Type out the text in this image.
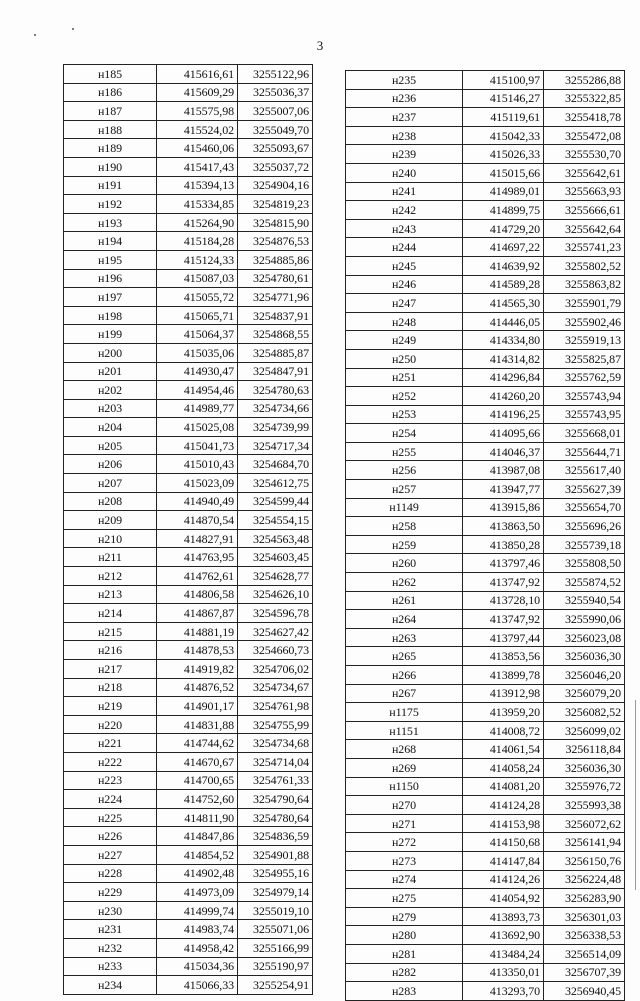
3
н185	415616,61	3255122,96
н186	415609,29	3255036,37
н187	415575,98	3255007,06
н188	415524,02	3255049,70
н189	415460,06	3255093,67
н190	415417,43	3255037,72
н191	415394,13	3254904,16
н192	415334,85	3254819,23
н193	415264,90	3254815,90
н194	415184,28	3254876,53
н195	415124,33	3254885,86
н196	415087,03	3254780,61
н197	415055,72	3254771,96
н198	415065,71	3254837,91
н199	415064,37	3254868,55
н200	415035,06	3254885,87
н201	414930,47	3254847,91
н202	414954,46	3254780,63
н203	414989,77	3254734,66
н204	415025,08	3254739,99
н205	415041,73	3254717,34
н206	415010,43	3254684,70
н207	415023,09	3254612,75
н208	414940,49	3254599,44
н209	414870,54	3254554,15
н210	414827,91	3254563,48
н211	414763,95	3254603,45
н212	414762,61	3254628,77
н213	414806,58	3254626,10
н214	414867,87	3254596,78
н215	414881,19	3254627,42
н216	414878,53	3254660,73
н217	414919,82	3254706,02
н218	414876,52	3254734,67
н219	414901,17	3254761,98
н220	414831,88	3254755,99
н221	414744,62	3254734,68
н222	414670,67	3254714,04
н223	414700,65	3254761,33
н224	414752,60	3254790,64
н225	414811,90	3254780,64
н226	414847,86	3254836,59
н227	414854,52	3254901,88
н228	414902,48	3254955,16
н229	414973,09	3254979,14
н230	414999,74	3255019,10
н231	414983,74	3255071,06
н232	414958,42	3255166,99
н233	415034,36	3255190,97
н234	415066,33	3255254,91
н235	415100,97	3255286,88
н236	415146,27	3255322,85
н237	415119,61	3255418,78
н238	415042,33	3255472,08
н239	415026,33	3255530,70
н240	415015,66	3255642,61
н241	414989,01	3255663,93
н242	414899,75	3255666,61
н243	414729,20	3255642,64
н244	414697,22	3255741,23
н245	414639,92	3255802,52
н246	414589,28	3255863,82
н247	414565,30	3255901,79
н248	414446,05	3255902,46
н249	414334,80	3255919,13
н250	414314,82	3255825,87
н251	414296,84	3255762,59
н252	414260,20	3255743,94
н253	414196,25	3255743,95
н254	414095,66	3255668,01
н255	414046,37	3255644,71
н256	413987,08	3255617,40
н257	413947,77	3255627,39
н1149	413915,86	3255654,70
н258	413863,50	3255696,26
н259	413850,28	3255739,18
н260	413797,46	3255808,50
н262	413747,92	3255874,52
н261	413728,10	3255940,54
н264	413747,92	3255990,06
н263	413797,44	3256023,08
н265	413853,56	3256036,30
н266	413899,78	3256046,20
н267	413912,98	3256079,20
н1175	413959,20	3256082,52
н1151	414008,72	3256099,02
н268	414061,54	3256118,84
н269	414058,24	3256036,30
н1150	414081,20	3255976,72
н270	414124,28	3255993,38
н271	414153,98	3256072,62
н272	414150,68	3256141,94
н273	414147,84	3256150,76
н274	414124,26	3256224,48
н275	414054,92	3256283,90
н279	413893,73	3256301,03
н280	413692,90	3256338,53
н281	413484,24	3256514,09
н282	413350,01	3256707,39
н283	413293,70	3256940,45
